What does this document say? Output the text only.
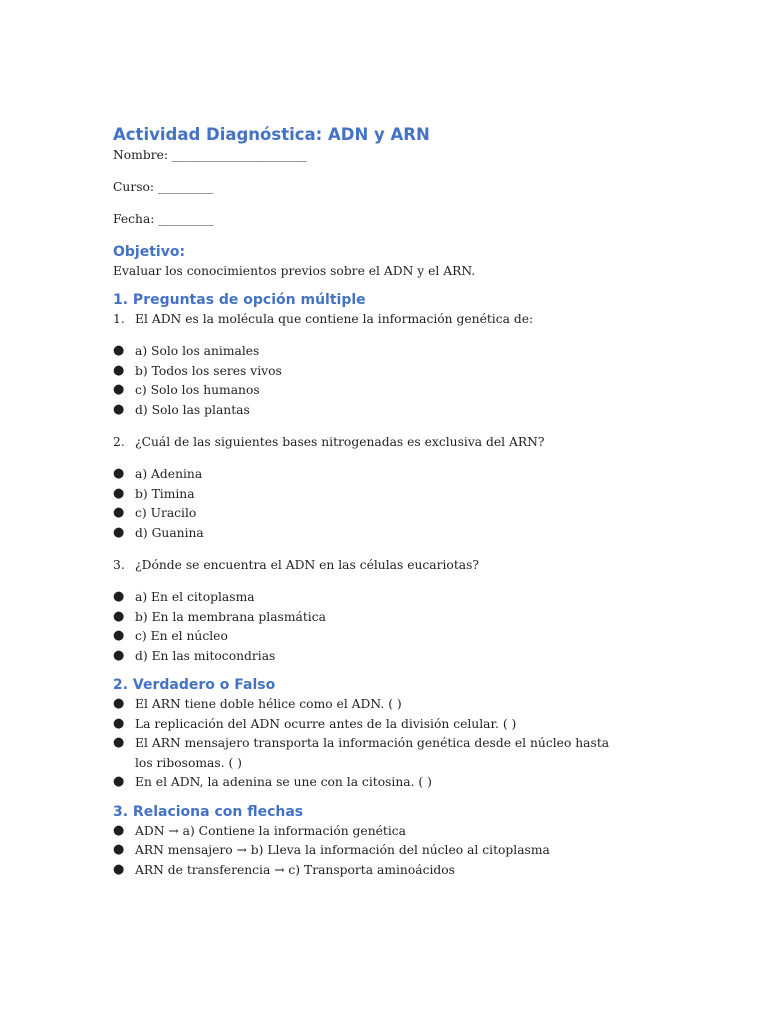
Actividad Diagnóstica: ADN y ARN

Nombre: ______________________

Curso: _________

Fecha: _________

Objetivo:

Evaluar los conocimientos previos sobre el ADN y el ARN.

1. Preguntas de opción múltiple
1. El ADN es la molécula que contiene la información genética de:
● a) Solo los animales
● b) Todos los seres vivos
● c) Solo los humanos
● d) Solo las plantas
2. ¿Cuál de las siguientes bases nitrogenadas es exclusiva del ARN?
● a) Adenina
● b) Timina
● c) Uracilo
● d) Guanina
3. ¿Dónde se encuentra el ADN en las células eucariotas?
● a) En el citoplasma
● b) En la membrana plasmática
● c) En el núcleo
● d) En las mitocondrias
2. Verdadero o Falso
● El ARN tiene doble hélice como el ADN. ( )
● La replicación del ADN ocurre antes de la división celular. ( )
● El ARN mensajero transporta la información genética desde el núcleo hasta los ribosomas. ( )
● En el ADN, la adenina se une con la citosina. ( )
3. Relaciona con flechas
● ADN → a) Contiene la información genética
● ARN mensajero → b) Lleva la información del núcleo al citoplasma
● ARN de transferencia → c) Transporta aminoácidos
